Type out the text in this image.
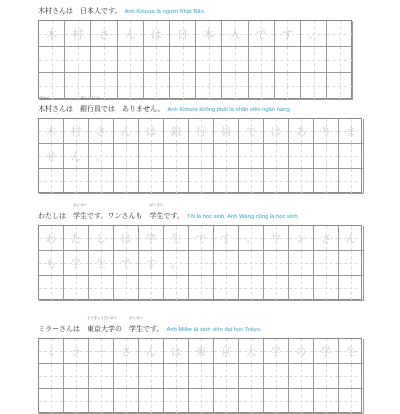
木村さんは　日本人です。 Anh Kimura là người Nhật Bản.
木 村 さ ん は 日 本 人 で す 。
木村
きむら
さんは　銀行員
ぎんこういん
では　ありません。 Anh Kimura không phải là nhân viên ngân hàng.
木 村 さ ん は 銀 行 員 で は あ り ま
せ ん 。
わたしは　学生
がくせい
です。ワンさんも　学生
がくせい
です。 Tôi là học sinh. Anh Wang cũng là học sinh.
わ た し は 学 生 で す 。 ワ ン さ ん
も 学 生 で す 。
ミラーさんは　東京大学
とうきょうだいがく
の　学生
がくせい
です。 Anh Miller là sinh viên đại học Tokyo.
ミ ラ ー さ ん は 東 京 大 学 の 学 生
